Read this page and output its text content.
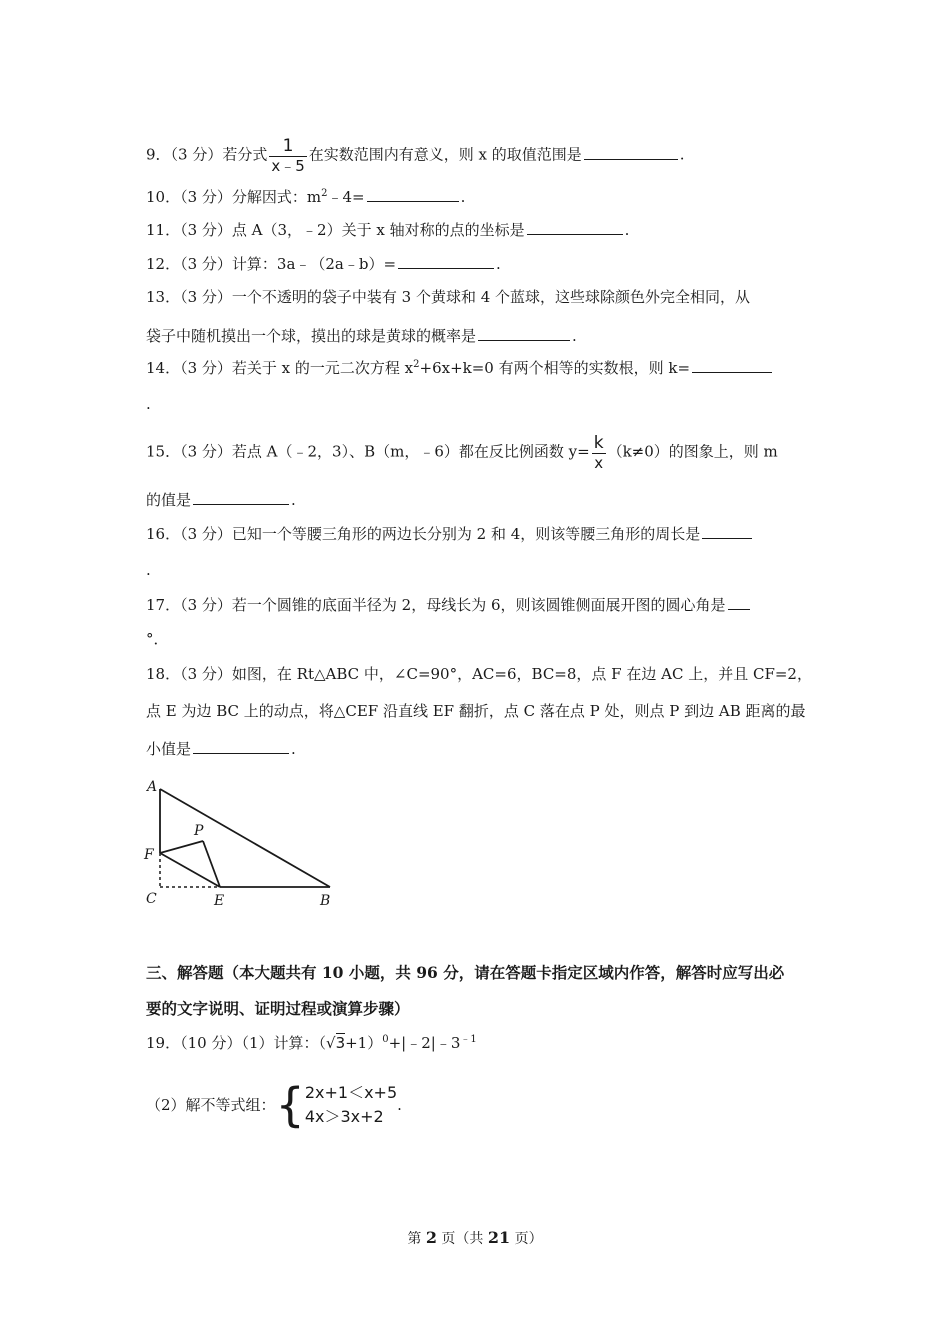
9．（3 分）若分式 $\frac{1}{x﹣5}$ 在实数范围内有意义，则 x 的取值范围是	.
10．（3 分）分解因式：$m^2﹣4=$	.
11．（3 分）点 A（3，﹣2）关于 x 轴对称的点的坐标是	.
12．（3 分）计算：3a﹣（2a﹣b）=	.
13．（3 分）一个不透明的袋子中装有 3 个黄球和 4 个蓝球，这些球除颜色外完全相同，从
袋子中随机摸出一个球，摸出的球是黄球的概率是	.
14．（3 分）若关于 x 的一元二次方程 $x^2+6x+k=0$ 有两个相等的实数根，则 k=
.
15．（3 分）若点 A（﹣2，3）、B（m，﹣6）都在反比例函数 $y= \frac{k}{x} (k\ne 0)$的图象上，则 m
的值是	.
16．（3 分）已知一个等腰三角形的两边长分别为 2 和 4，则该等腰三角形的周长是
.
17．（3 分）若一个圆锥的底面半径为 2，母线长为 6，则该圆锥侧面展开图的圆心角是
°．
18．（3 分）如图，在 Rt△ABC 中，∠C=90°，AC=6，BC=8，点 F 在边 AC 上，并且 CF=2，
点 E 为边 BC 上的动点，将△CEF 沿直线 EF 翻折，点 C 落在点 P 处，则点 P 到边 AB 距离的最
小值是	.
A
P
F
C	E	B
三、解答题（本大题共有 10 小题，共 96 分，请在答题卡指定区域内作答，解答时应写出必
要的文字说明、证明过程或演算步骤）
19．（10 分）（1）计算：$(√3+1)^0+|﹣2|﹣3^{﹣1}$
（2）解不等式组：{ 2x+1＜x+5
4x＞3x+2
.
第 2 页（共 21 页）
